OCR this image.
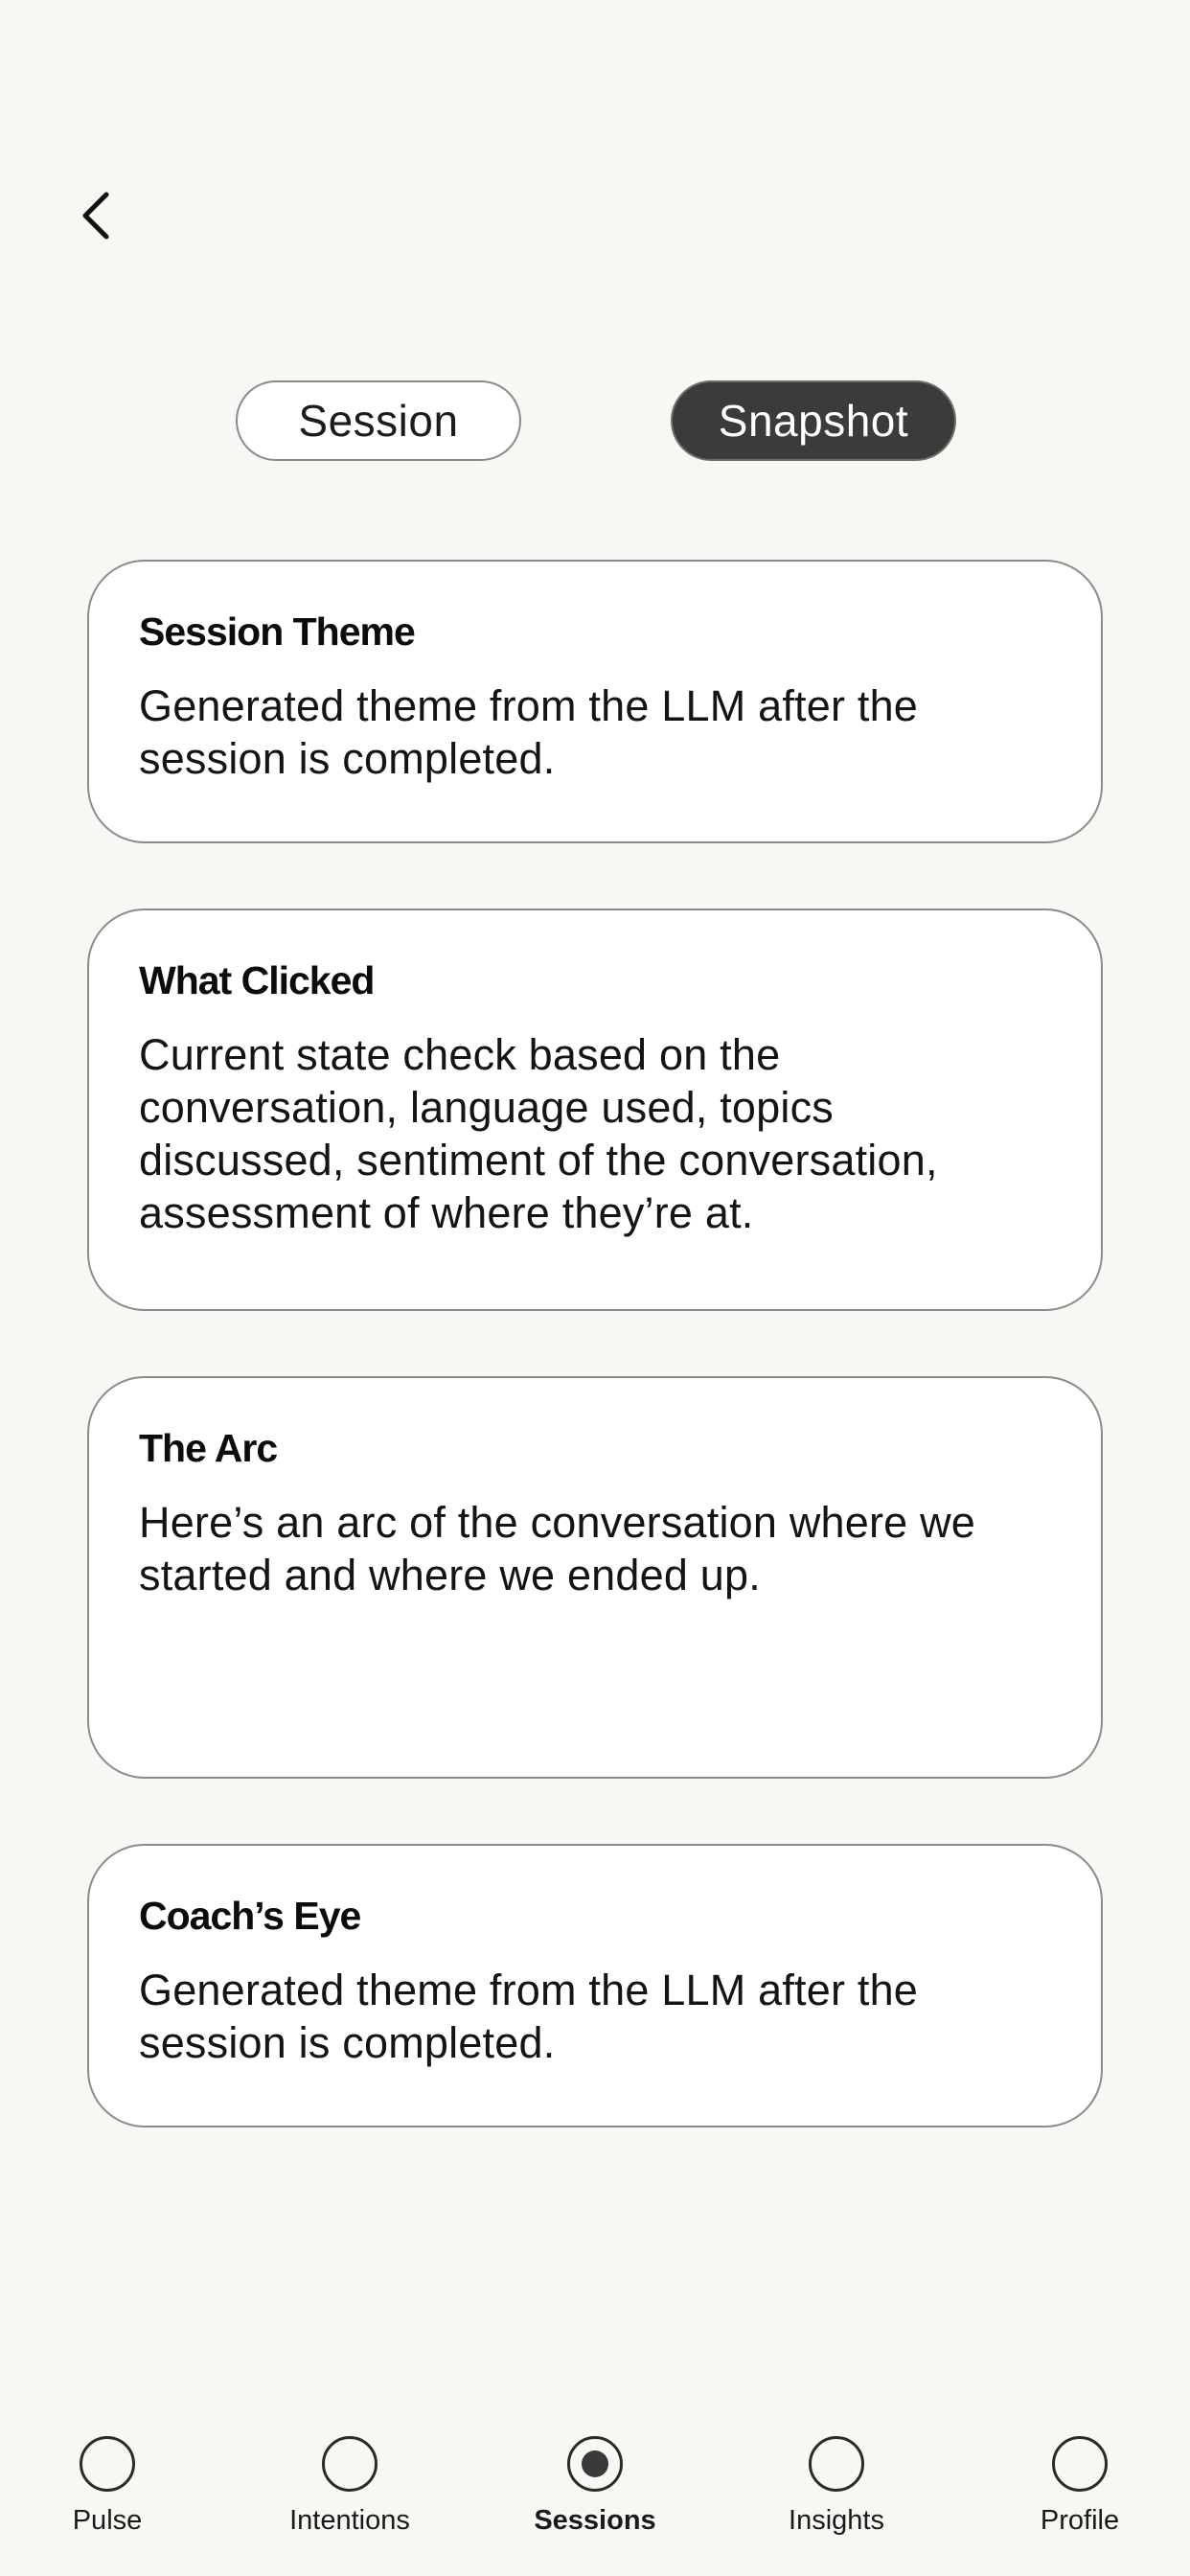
Session	Snapshot
Session Theme
Generated theme from the LLM after the session is completed.
What Clicked
Current state check based on the conversation, language used, topics discussed, sentiment of the conversation, assessment of where they’re at.
The Arc
Here’s an arc of the conversation where we started and where we ended up.
Coach’s Eye
Generated theme from the LLM after the session is completed.
Pulse	Intentions	Sessions	Insights	Profile
